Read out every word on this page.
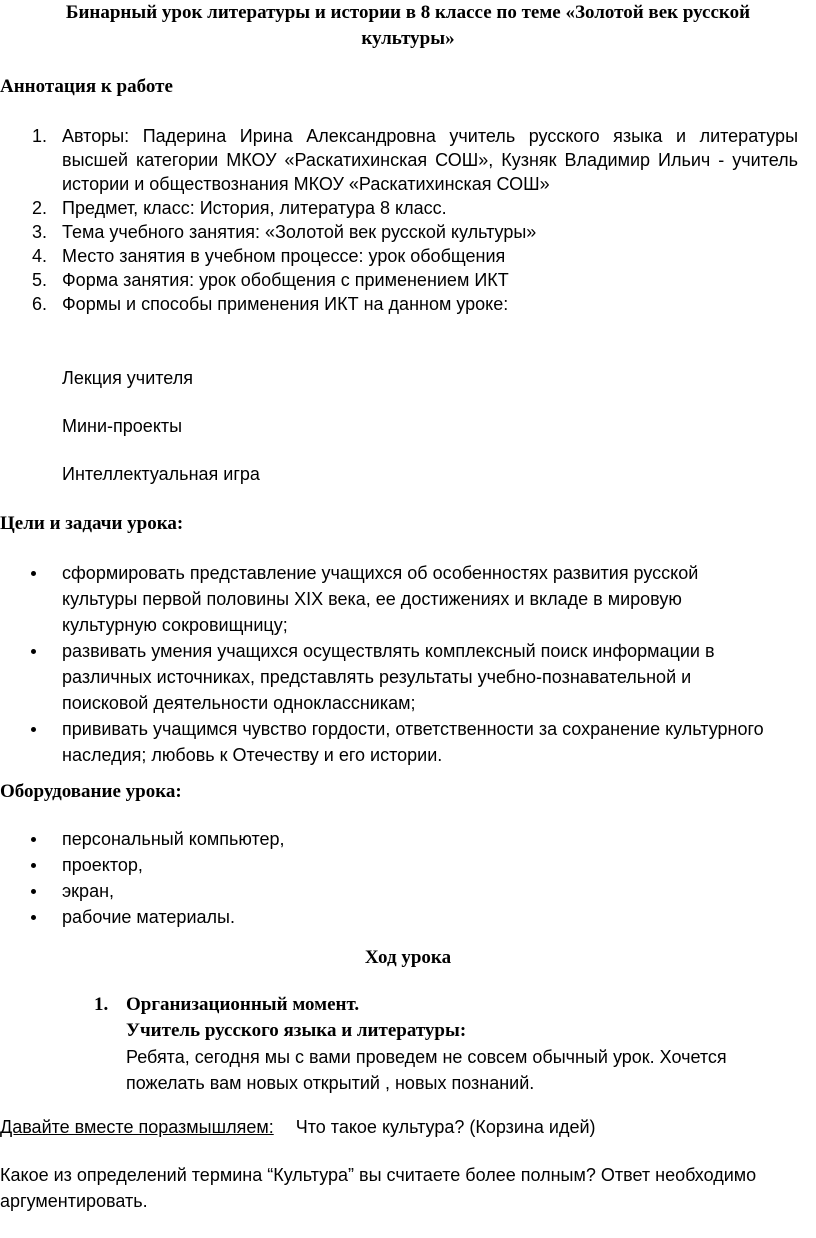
Бинарный урок литературы и истории в 8 классе по теме «Золотой век русской
культуры»
Аннотация к работе
1. Авторы: Падерина Ирина Александровна учитель русского языка и литературы высшей категории МКОУ «Раскатихинская СОШ», Кузняк Владимир Ильич - учитель истории и обществознания МКОУ «Раскатихинская СОШ»
2. Предмет, класс: История, литература 8 класс.
3. Тема учебного занятия: «Золотой век русской культуры»
4. Место занятия в учебном процессе: урок обобщения
5. Форма занятия: урок обобщения с применением ИКТ
6. Формы и способы применения ИКТ на данном уроке:
Лекция учителя
Мини-проекты
Интеллектуальная игра
Цели и задачи урока:
сформировать представление учащихся об особенностях развития русской
культуры первой половины XIX века, ее достижениях и вкладе в мировую
культурную сокровищницу;
развивать умения учащихся осуществлять комплексный поиск информации в
различных источниках, представлять результаты учебно-познавательной и
поисковой деятельности одноклассникам;
прививать учащимся чувство гордости, ответственности за сохранение культурного
наследия; любовь к Отечеству и его истории.
Оборудование урока:
персональный компьютер,
проектор,
экран,
рабочие материалы.
Ход урока
1. Организационный момент.
Учитель русского языка и литературы:
Ребята, сегодня мы с вами проведем не совсем обычный урок. Хочется
пожелать вам новых открытий , новых познаний.
Давайте вместе поразмышляем: Что такое культура? (Корзина идей)
Какое из определений термина “Культура” вы считаете более полным? Ответ необходимо
аргументировать.
